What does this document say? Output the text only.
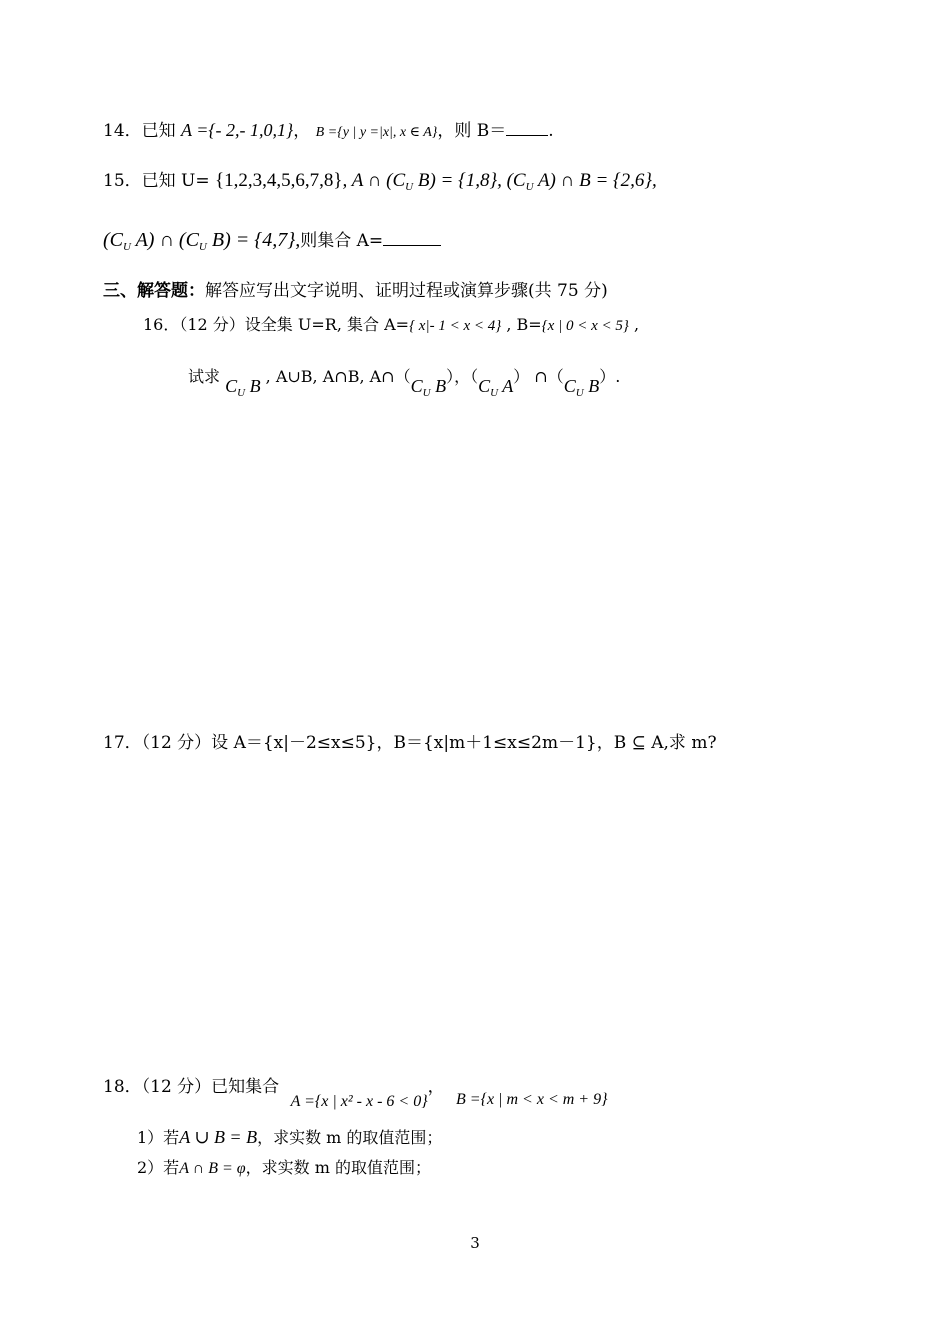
14．已知 A ={- 2,- 1,0,1}， B ={y | y =|x|, x ∈ A}，则 B＝ .
15．已知 U= {1,2,3,4,5,6,7,8}, A ∩ ($C_U$ B) = {1,8}, ($C_U$ A) ∩ B = {2,6},
($C_U$ A) ∩ ($C_U$ B) = {4,7},则集合 A=
三、解答题：解答应写出文字说明、证明过程或演算步骤(共 75 分)
16．（12 分）设全集 U=R, 集合 A={ x|- 1 < x < 4} , B={x | 0 < x < 5} ,
试求 $C_U$ B , A∪B, A∩B, $A\cap(C_U$ B），（$C_U$ A） $\cap(C_U$ B）.
17．（12 分）设 A＝{x|－2≤x≤5}，B＝{x|m＋1≤x≤2m－1}，B ⊆ A,求 m?
18．（12 分）已知集合 A ={x | x² - x - 6 < 0}， B ={x | m < x < m + 9}
1）若A ∪ B = B，求实数 m 的取值范围；
2）若A ∩ B = φ，求实数 m 的取值范围；
3
